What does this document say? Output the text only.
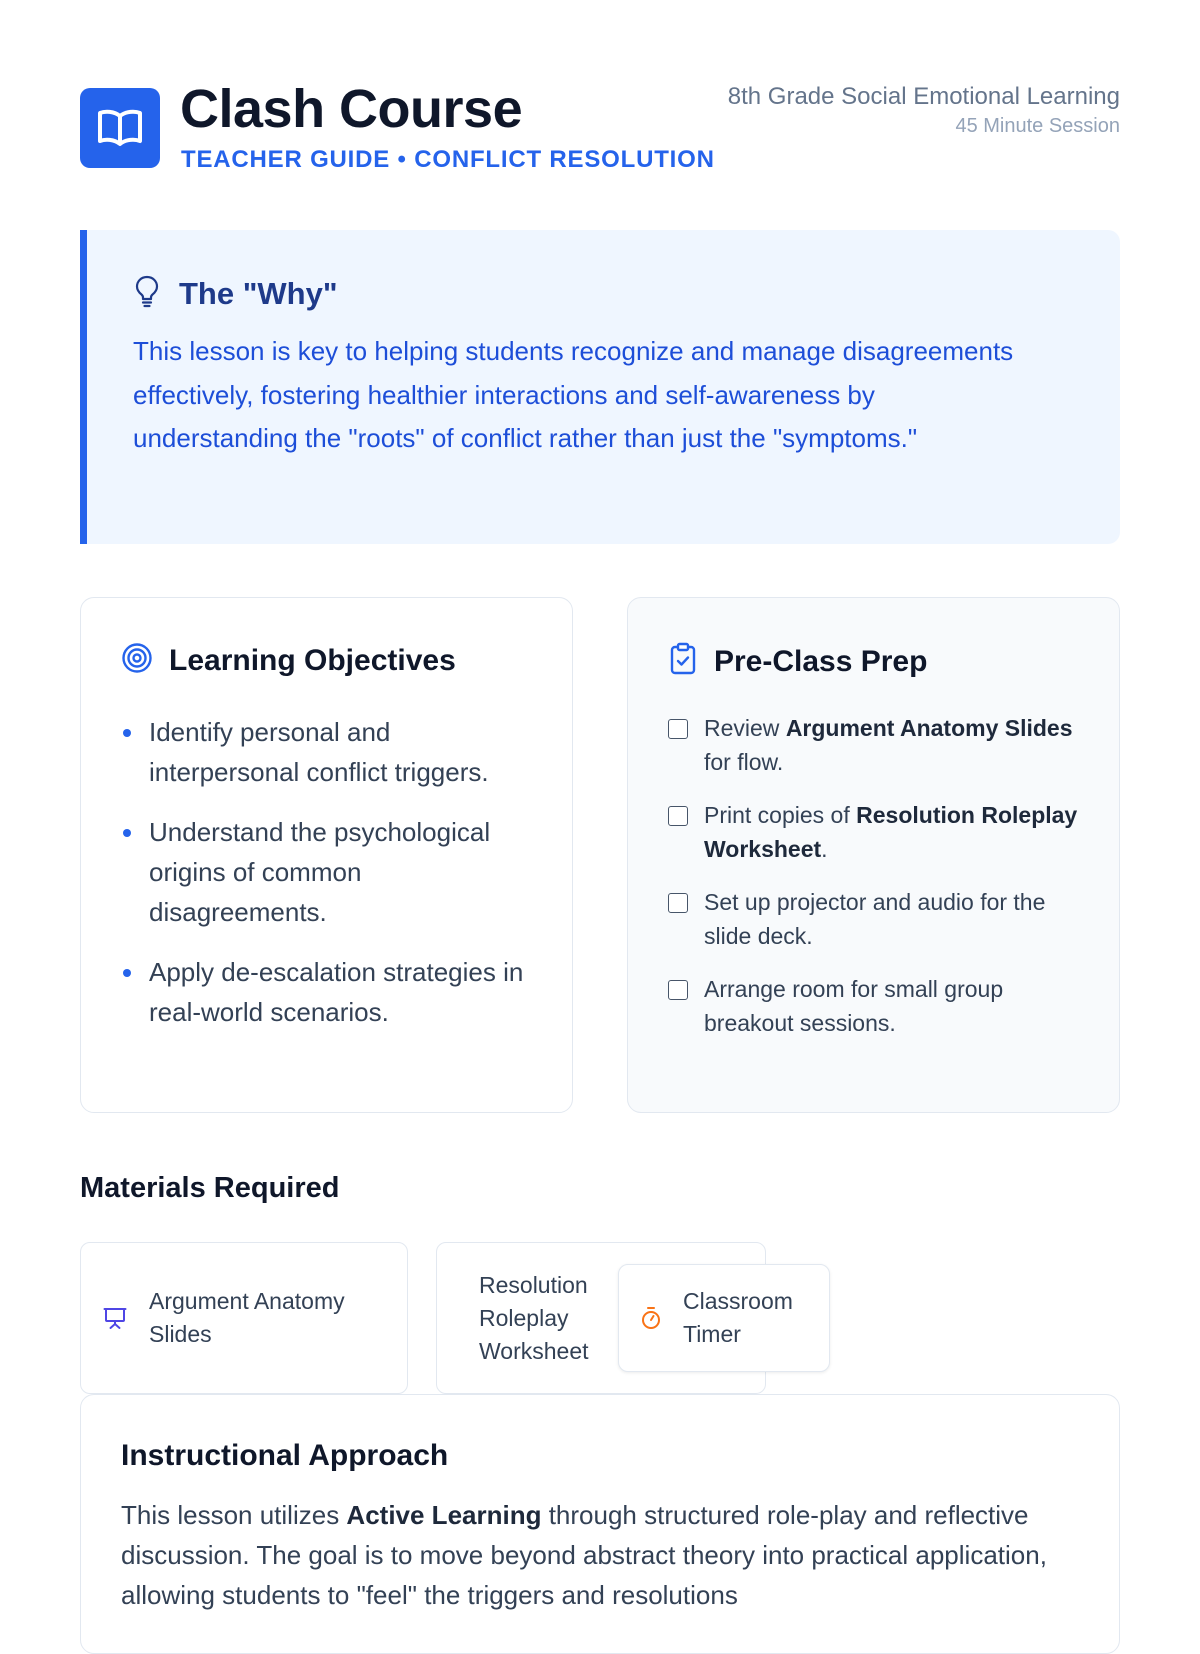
Clash Course
TEACHER GUIDE • CONFLICT RESOLUTION
8th Grade Social Emotional Learning
45 Minute Session
The "Why"
This lesson is key to helping students recognize and manage disagreements effectively, fostering healthier interactions and self-awareness by understanding the "roots" of conflict rather than just the "symptoms."
Learning Objectives
Identify personal and interpersonal conflict triggers.
Understand the psychological origins of common disagreements.
Apply de-escalation strategies in real-world scenarios.
Pre-Class Prep
Review Argument Anatomy Slides for flow.
Print copies of Resolution Roleplay Worksheet.
Set up projector and audio for the slide deck.
Arrange room for small group breakout sessions.
Materials Required
Argument Anatomy Slides
Resolution Roleplay Worksheet
Classroom Timer
Instructional Approach
This lesson utilizes Active Learning through structured role-play and reflective discussion. The goal is to move beyond abstract theory into practical application, allowing students to "feel" the triggers and resolutions
